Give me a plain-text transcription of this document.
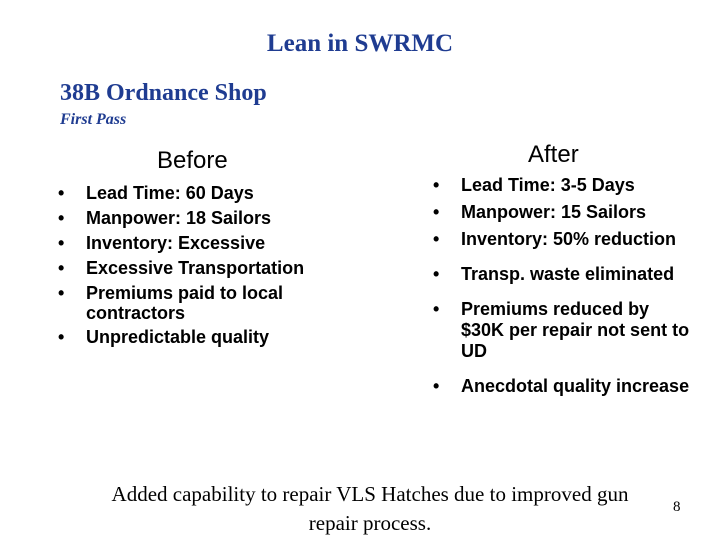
Lean in SWRMC
38B Ordnance Shop
First Pass
Before
• Lead Time: 60 Days
• Manpower: 18 Sailors
• Inventory: Excessive
• Excessive Transportation
• Premiums paid to local contractors
• Unpredictable quality
After
• Lead Time: 3-5 Days
• Manpower: 15 Sailors
• Inventory: 50% reduction
• Transp. waste eliminated
• Premiums reduced by $30K per repair not sent to UD
• Anecdotal quality increase
Added capability to repair VLS Hatches due to improved gun repair process.
8
